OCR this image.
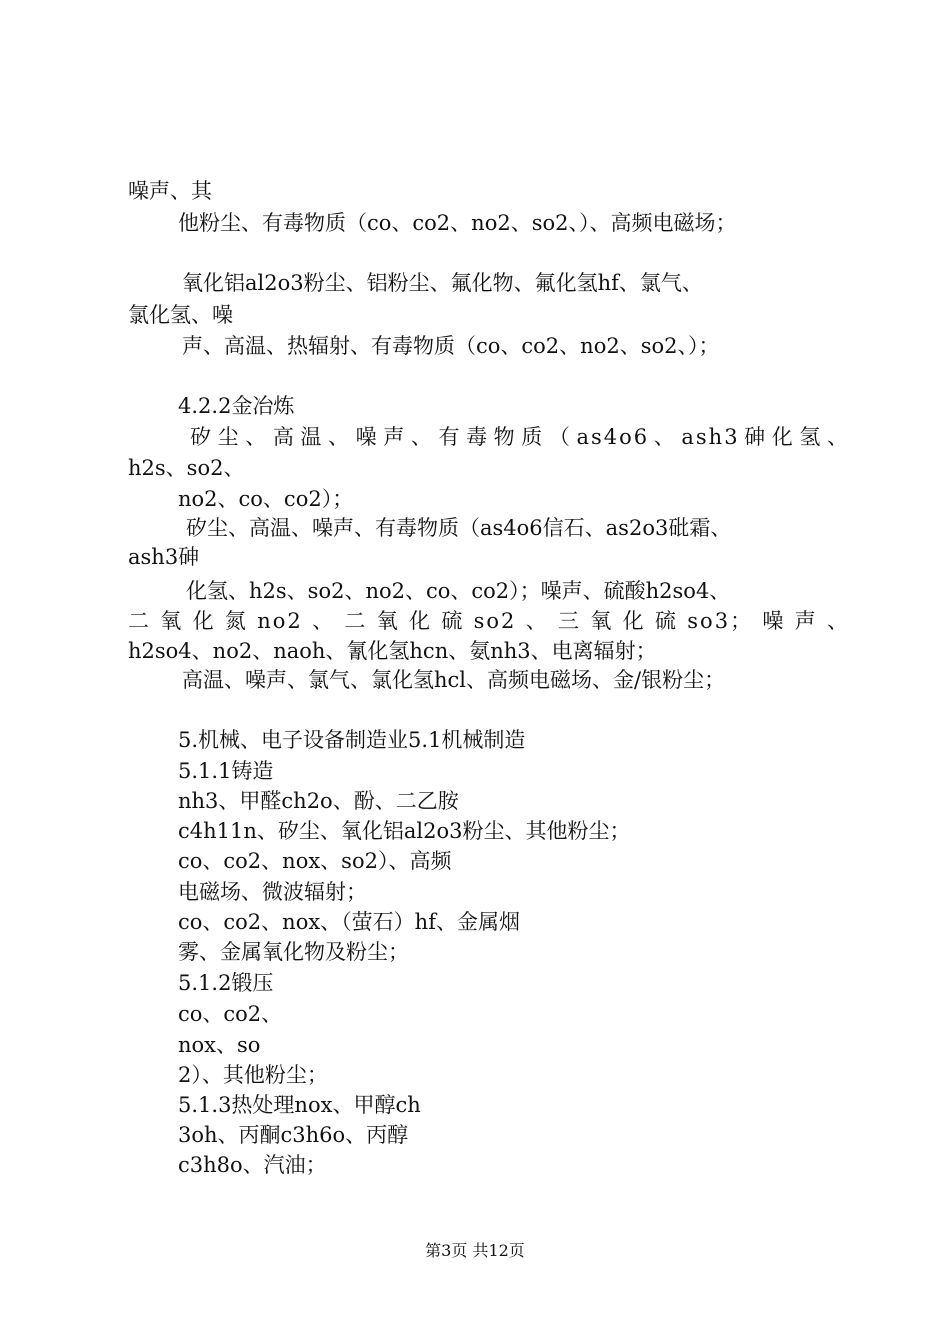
噪声、其
他粉尘、有毒物质（co、co2、no2、so2、）、高频电磁场；
氧化铝al2o3粉尘、铝粉尘、氟化物、氟化氢hf、氯气、
氯化氢、噪
声、高温、热辐射、有毒物质（co、co2、no2、so2、）；
4.2.2金冶炼
矽尘、高温、噪声、有毒物质（as4o6、ash3砷化氢、
h2s、so2、
no2、co、co2）；
矽尘、高温、噪声、有毒物质（as4o6信石、as2o3砒霜、
ash3砷
化氢、h2s、so2、no2、co、co2）；噪声、硫酸h2so4、
二氧化氮no2、二氧化硫so2、三氧化硫so3；噪声、
h2so4、no2、naoh、氰化氢hcn、氨nh3、电离辐射；
高温、噪声、氯气、氯化氢hcl、高频电磁场、金/银粉尘；
5.机械、电子设备制造业5.1机械制造
5.1.1铸造
nh3、甲醛ch2o、酚、二乙胺
c4h11n、矽尘、氧化铝al2o3粉尘、其他粉尘；
co、co2、nox、so2）、高频
电磁场、微波辐射；
co、co2、nox、（萤石）hf、金属烟
雾、金属氧化物及粉尘；
5.1.2锻压
co、co2、
nox、so
2）、其他粉尘；
5.1.3热处理nox、甲醇ch
3oh、丙酮c3h6o、丙醇
c3h8o、汽油；
第3页 共12页
